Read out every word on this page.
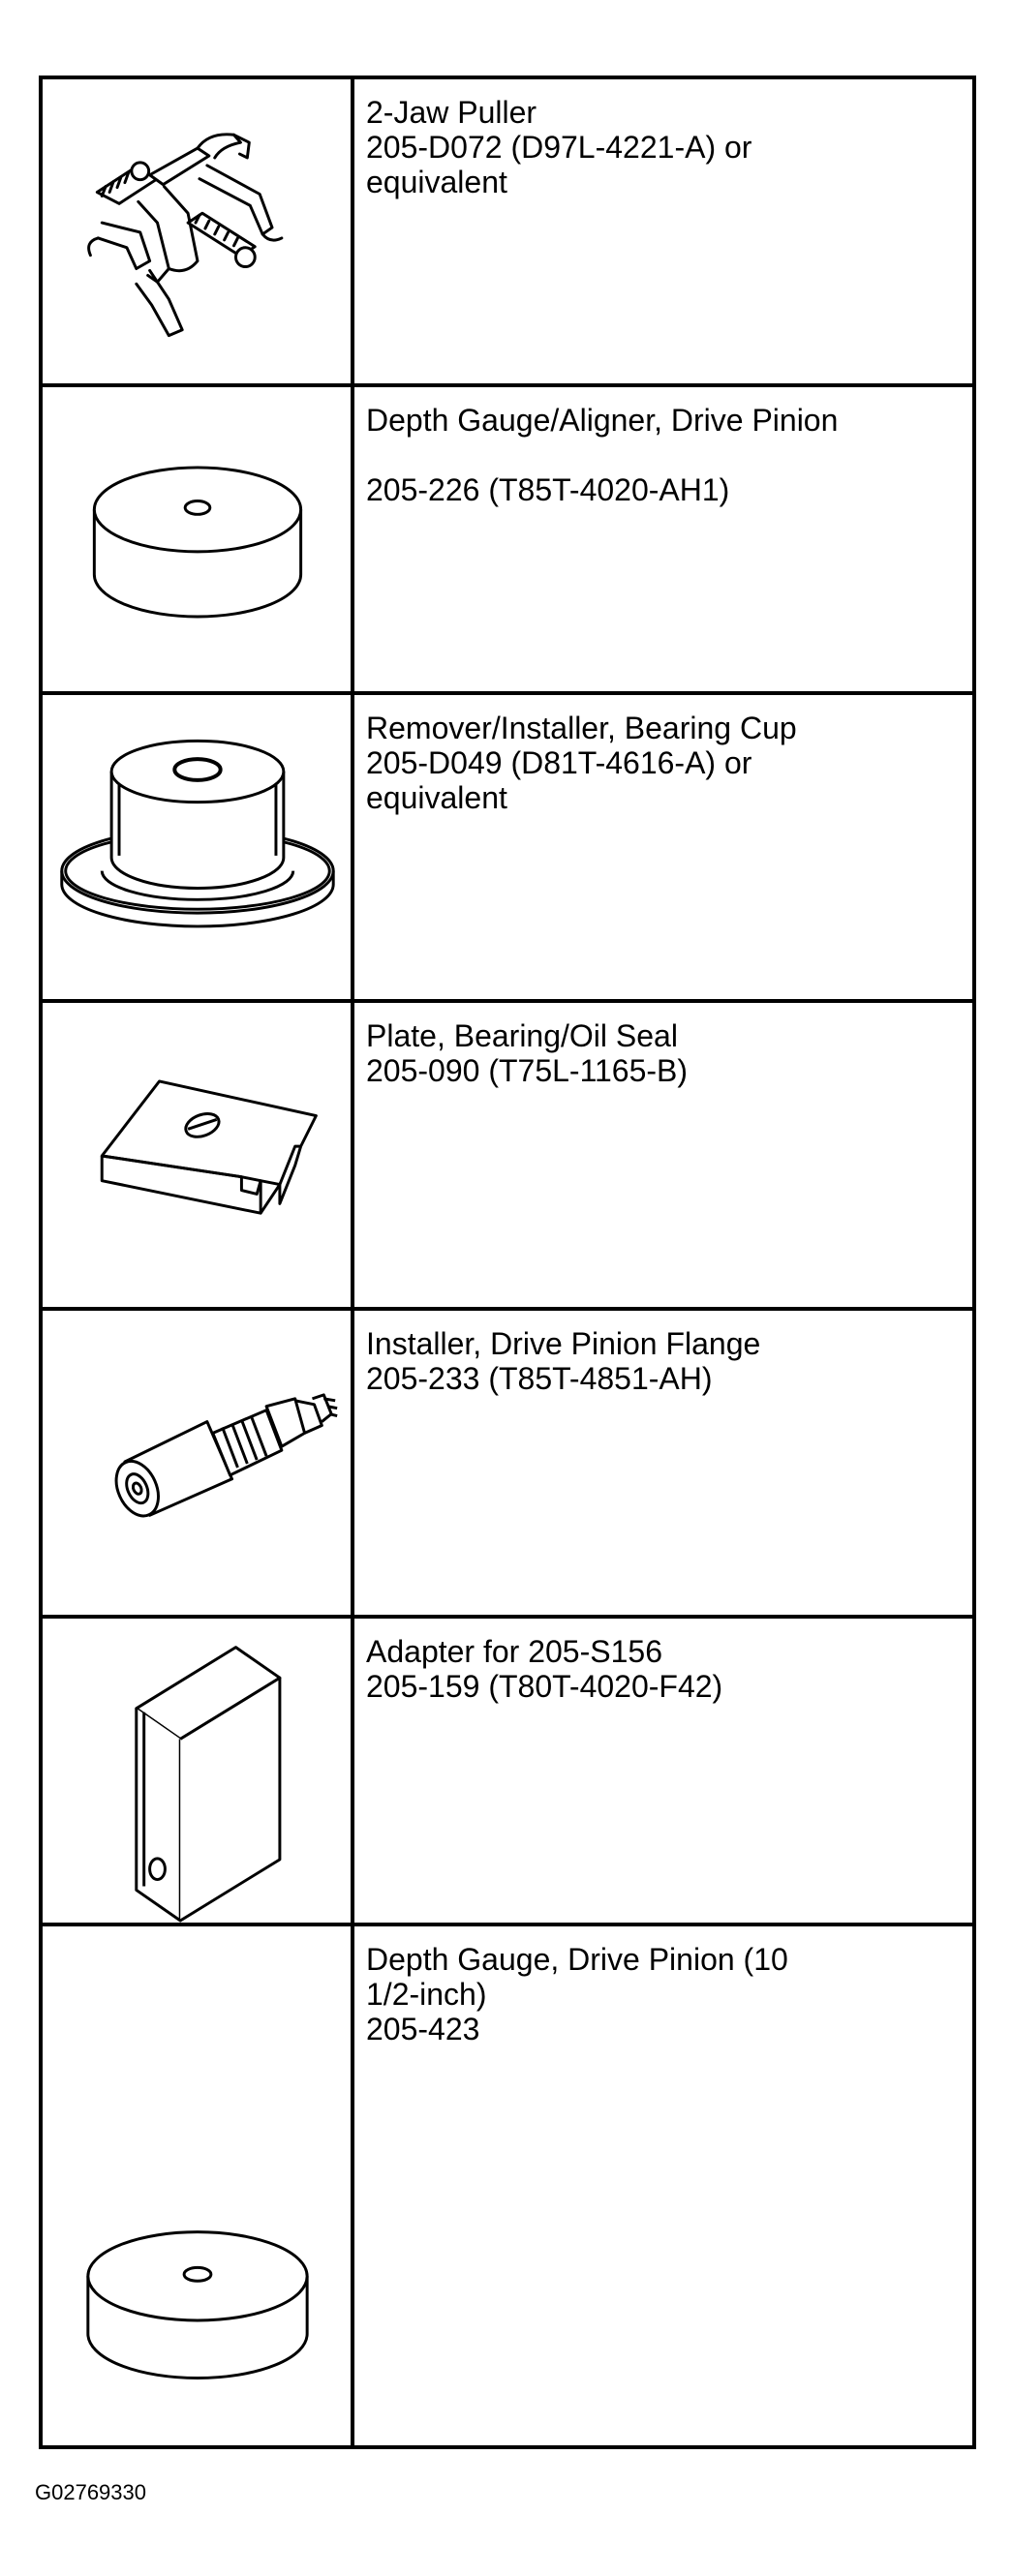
2-Jaw Puller
205-D072 (D97L-4221-A) or
equivalent

Depth Gauge/Aligner, Drive Pinion

205-226 (T85T-4020-AH1)

Remover/Installer, Bearing Cup
205-D049 (D81T-4616-A) or
equivalent

Plate, Bearing/Oil Seal
205-090 (T75L-1165-B)

Installer, Drive Pinion Flange
205-233 (T85T-4851-AH)

Adapter for 205-S156
205-159 (T80T-4020-F42)

Depth Gauge, Drive Pinion (10
1/2-inch)
205-423
G02769330
